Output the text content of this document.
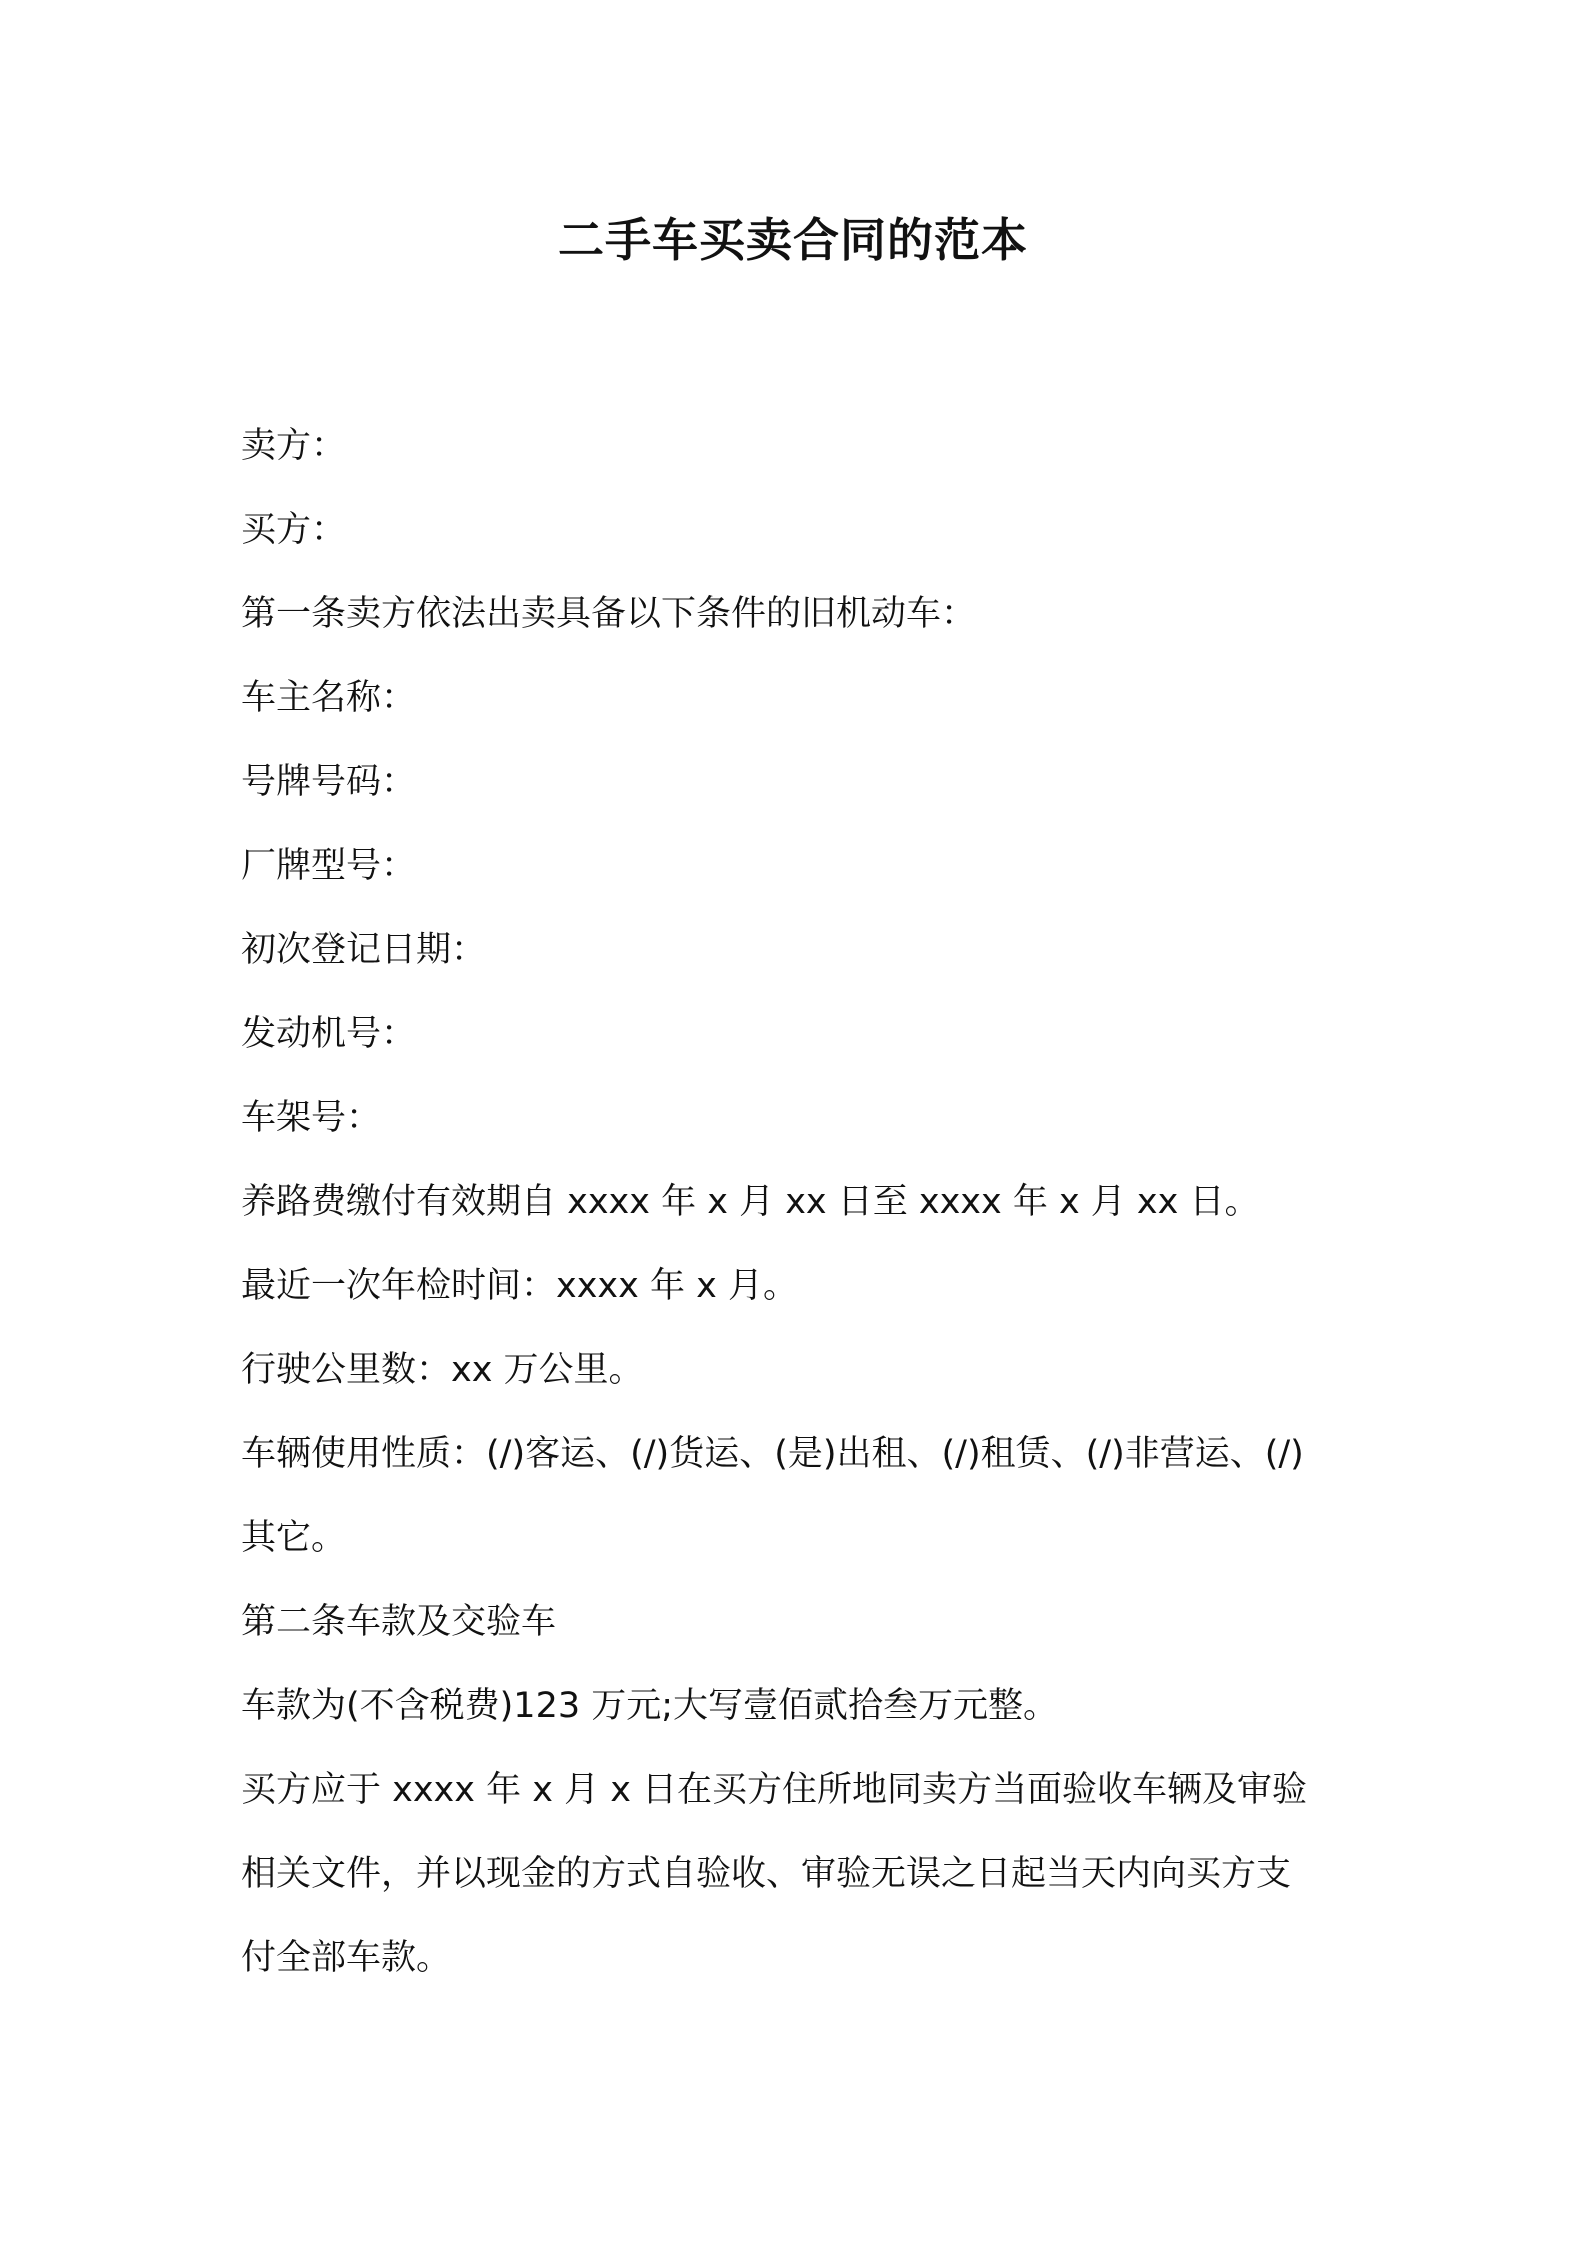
二手车买卖合同的范本

卖方：

买方：

第一条卖方依法出卖具备以下条件的旧机动车：

车主名称：

号牌号码：

厂牌型号：

初次登记日期：

发动机号：

车架号：

养路费缴付有效期自 xxxx 年 x 月 xx 日至 xxxx 年 x 月 xx 日。

最近一次年检时间：xxxx 年 x 月。

行驶公里数：xx 万公里。

车辆使用性质：(/)客运、(/)货运、(是)出租、(/)租赁、(/)非营运、(/)

其它。

第二条车款及交验车

车款为(不含税费)123 万元;大写壹佰贰拾叁万元整。

买方应于 xxxx 年 x 月 x 日在买方住所地同卖方当面验收车辆及审验

相关文件，并以现金的方式自验收、审验无误之日起当天内向买方支

付全部车款。
